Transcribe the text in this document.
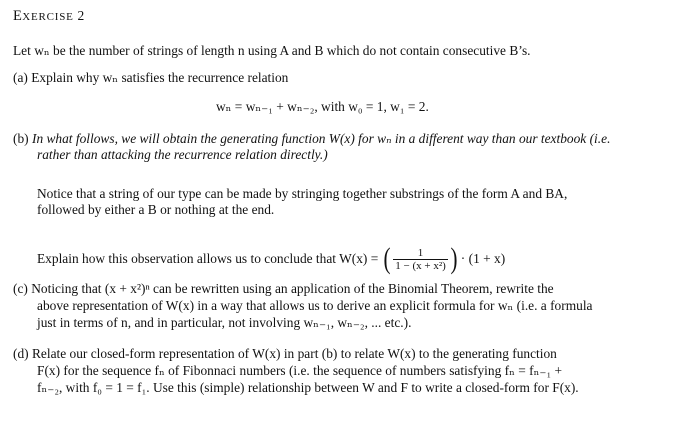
EXERCISE 2
Let wₙ be the number of strings of length n using A and B which do not contain consecutive B’s.
(a) Explain why wₙ satisfies the recurrence relation
wₙ = wₙ₋₁ + wₙ₋₂, with w₀ = 1, w₁ = 2.
(b) In what follows, we will obtain the generating function W(x) for wₙ in a different way than our textbook (i.e.
rather than attacking the recurrence relation directly.)
Notice that a string of our type can be made by stringing together substrings of the form A and BA,
followed by either a B or nothing at the end.
Explain how this observation allows us to conclude that W(x) = ( $\frac{1}{\text{1 − (x + x²)}}$ ) · (1 + x)
(c) Noticing that (x + x²)ⁿ can be rewritten using an application of the Binomial Theorem, rewrite the
above representation of W(x) in a way that allows us to derive an explicit formula for wₙ (i.e. a formula
just in terms of n, and in particular, not involving wₙ₋₁, wₙ₋₂, ... etc.).
(d) Relate our closed-form representation of W(x) in part (b) to relate W(x) to the generating function
F(x) for the sequence fₙ of Fibonnaci numbers (i.e. the sequence of numbers satisfying fₙ = fₙ₋₁ +
fₙ₋₂, with f₀ = 1 = f₁. Use this (simple) relationship between W and F to write a closed-form for F(x).
